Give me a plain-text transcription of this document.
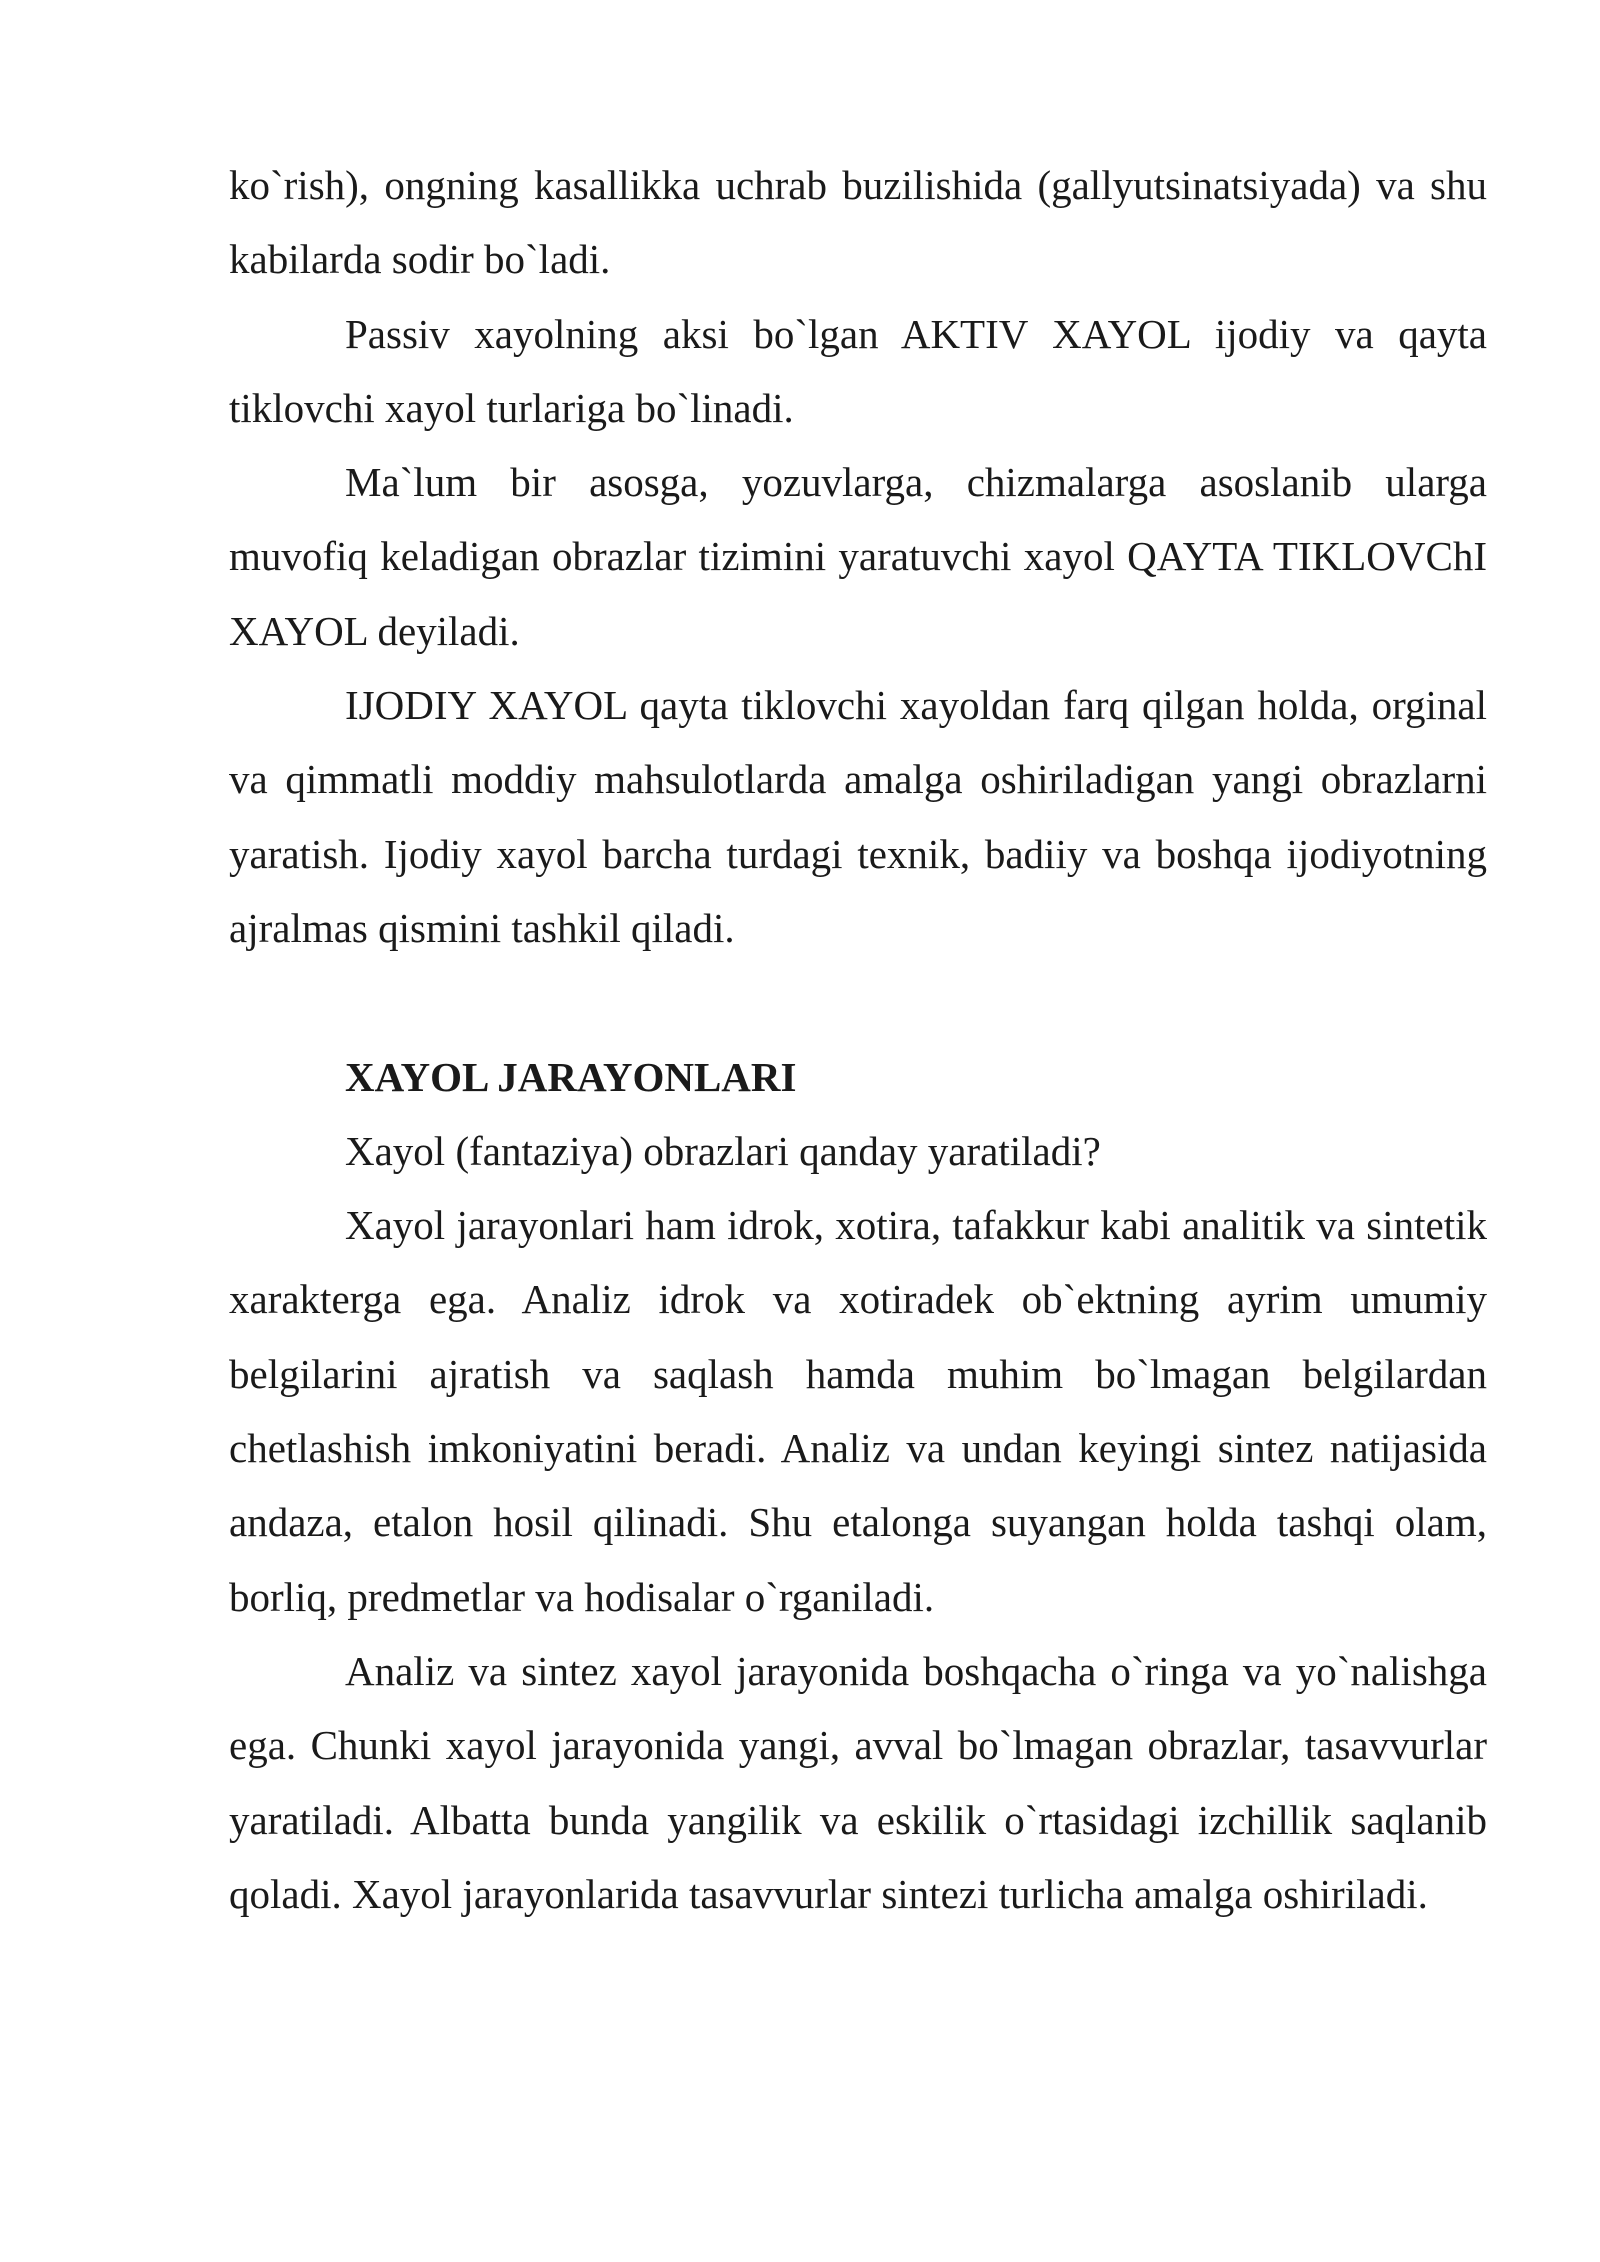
ko`rish), ongning kasallikka uchrab buzilishida (gallyutsinatsiyada) va shu kabilarda sodir bo`ladi.

Passiv xayolning aksi bo`lgan AKTIV XAYOL ijodiy va qayta tiklovchi xayol turlariga bo`linadi.

Ma`lum bir asosga, yozuvlarga, chizmalarga asoslanib ularga muvofiq keladigan obrazlar tizimini yaratuvchi xayol QAYTA TIKLOVChI XAYOL deyiladi.

IJODIY XAYOL qayta tiklovchi xayoldan farq qilgan holda, orginal va qimmatli moddiy mahsulotlarda amalga oshiriladigan yangi obrazlarni yaratish. Ijodiy xayol barcha turdagi texnik, badiiy va boshqa ijodiyotning ajralmas qismini tashkil qiladi.

XAYOL JARAYONLARI

Xayol (fantaziya) obrazlari qanday yaratiladi?

Xayol jarayonlari ham idrok, xotira, tafakkur kabi analitik va sintetik xarakterga ega. Analiz idrok va xotiradek ob`ektning ayrim umumiy belgilarini ajratish va saqlash hamda muhim bo`lmagan belgilardan chetlashish imkoniyatini beradi. Analiz va undan keyingi sintez natijasida andaza, etalon hosil qilinadi. Shu etalonga suyangan holda tashqi olam, borliq, predmetlar va hodisalar o`rganiladi.

Analiz va sintez xayol jarayonida boshqacha o`ringa va yo`nalishga ega. Chunki xayol jarayonida yangi, avval bo`lmagan obrazlar, tasavvurlar yaratiladi. Albatta bunda yangilik va eskilik o`rtasidagi izchillik saqlanib qoladi. Xayol jarayonlarida tasavvurlar sintezi turlicha amalga oshiriladi.
